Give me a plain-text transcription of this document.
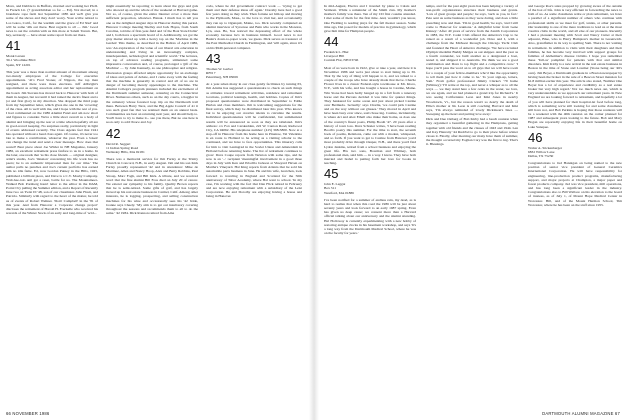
Mave, and Debbie is in Buffalo, married and working her Ph.D. in French Lit. (7 grandchildren so far — Ed). Not moved; in a brandnew rope farm last September 1985 and we'll give you some of the shows and they don't worry. Your scribe retired to Los Gatos, Calif., for the warmth and the grace of Ed 'Red' and will be some '40s out there. Best regards to all — Jim.' Good news is out the column with us this more at Salem Tavern. But, hey, seriously — have about some report from out there.
41
Monk Larsen
30-1 Woodlake Blvd
Spain, NY 12201
This year was a more than normal amount of movement among two-hundy employees of the College for executive appointments. '41's Fred Stoner, of Nippon, the top man resigned, and there were more elections. Jeff Allbright's appointment as acting associate editor and her replacement on the board. Jim Stevens has moved back to Hanover with both of them in August, but not until it had rained the deck's finest and a jot and first glory in my direction. She dropped the third page from my September letter, which gives me one in the 'covering' of the class. All is well with me, and I hope with the rest of you. I had commented on the 1986 Alumni Fund and am now short and figures to consider. We're a little short overall as a body of alumni and bringing up the rear at a time when hopefully all are in good-record keeping. No surprises really, particularly in light of events addressed recently. The Class Agents feel that 1941 has operated without a head class agent. Of course, it's never too late to make a contribution, whatever the year. Even a 'token' can change the trend and send a clear message. How does that sound? Bear piece about Joe Wilder in NH Magazine, January 1986, an excellent retirement press fanfare to us in a home. In the later, one reads that 'as his close friends — original designer, artist's studio, Joe's 'mission' concerning his life work has no peers; he is an authentic impersonal man for our time.' The author pulls no punches and Joe's current portfolio has earned him no idle fame. Ed, now Gordon Putney in the Hills, 1925, published a brilliant piece, and Dave is a C.V. Mosby Company. Walt-bee-tolo anil got a reset, battle for us. The Mountaineer-Walked Bob Pornberg hasn't letter to the editor in the DAM, Portal I by pulling the Summer edition, and a Report of Recently June two on Twist Ill '48, son of our classmates John Fissir, and Patricia. Similarly with regard to the heart of the matter, he told us of events of Robert Wehner. 'Don't Campbell' in the '81 of this year. And from Hanover a 'corporate change project' discloses the retirement of Harold H. Freckelle who received his rewards of the Winter Stock of an early and long-time of 'acid...
might essentially be reporting to learn about the guys and gals who showed up and the whole of the weekend at Harvard game. Not so, of course, given the entire Internet cover a more than sufficient proportion, whatever. Hanok. I much has to tell you one as the delighted August days in Hanover during this period. Hanover College meeting Shelley and Jack Hayes, from South Carolina, told me of first-year-field and 'of the Boat State Dollar' and I, both have a spectrum board of it. Additionally, we got the gray matter stirred up with a heavy tap on the 'Machine in the Garden' This theme, as described in the Ballots of April 1986, was 'An exploration of the value of our liberal arts education in understanding and living in an increasingly complex, interdependent, technological and scientific world.' The lectures, on top of advance reading programs, stimulated some impressive conversation and, of course, prolonged a 'gift of the Machine' — by John Kennedy, as one philosopher and religion. Discussion groups afforded ample opportunity for an exchange of ideas and points of debate, and I came away with the feeling that the machine is generally in control and all of us are in danger of becoming merely appendages to the machine. The Alumni College's program planners included the excitement of the Dartmouth summer semester, centering on the Connecticut River. Numerous others, such as on the day courts, a haggler in the cemetery whose forested loop trip on the Dartmouth trail there. Between Harry Tarot, and the Big Apple Council of 41 it was such great fun that we retained them on an annual basis. Communities are best on returning next year, and should help to. You'll have to try to make it... see you there, But no one here is soon only to add: Peace and Joy.
42
David R. Seggert
11 Indian Spring Road
Wellesley Hills, MA 02181
There was a memorial service for Jim Farley at the Trinity Church in Concord, N.H., in early August. Jim and his son Kirk Farley proudly represented '42 and in attendance: Mike de Martinez, Allen and Nancy Hoop, Alex and Betty Robbins, Paul Stroup, Marc Fogh, and Bill Kirk. A tribute, and we received word that the fine alumni Bill Foss died on July 20 of cancer. We extend our sympathy to his family. Quality Brown reports that he is semi-retired. Some gifts of golf, and has largely moved up his real estate business in Carmel, Calif. Among other interests, he is logging, prospecting, and selling construction machines for his wine and occasionally sees his '42 bride, Joanne says Cheely. 'My aim is to get out insultatory covering throughout the seasons and recommends them to all to do the same.' '42 1984. Dick Ronnon retired from Ama
coda, where he did government contract work — 'trying to get them and their defense ideas off again.' Dorothy here had a good few years doing as they wish. Then fortune set him up and moving to the Plymouth, Mass., to the love to visit her, and occasionally they run up to Ogunquit, Maine, too. Dick recently completed an alumni interview of Syracuse and Bain who works in the Moreton, Lyn, area. He, 'has noticed the depressing effect of the whole economy because he's in business himself. Good news is not Basin's down-to-paper work, we guess. Dick serves as treasurer of the East Methodist Church in Farmington, and 'will again, since it's on his $940-personal computer.
43
Thomas W. Gerber
RFD 7
Petersburg, NH 03069
At a year-when many in our class gently facilitates by turning 65, Jim Adams has suggested a questionnaire to check on such things as attitudes toward retirement activities, residence and retirement locations, political leanings, health, and hobbies. Copies of Jim's proposed questionnaire were distributed in September to Eddie Harlan and class members. Jim is welcoming suggestions for the final survey, which may be distributed later this year. Who knows but to be enjoying our creative talents to calculate the results. Individual questionnaires will be confidential, but summarized results will be announced as soon as they are tabulated. Jim's address: c/o Fox and Carskadden, 222 W. Canton Road, Redwood City, CA 94062. His telephone number: (415) 368-5800. Now at a stop-off in Hanover from his home here in Pinetree, Val Valentino is en route to Holland to be acting as a visiting scholar to the continued, and we have to face opportunities. This itinerary calls for him to visit Leningrad in the Soviet Union and Amsterdam in Holland before returning home. The list of retirement continues to grow: Dave Coupe reports from Tarleton with some tips, and he now is an '...' recipient 'meaningful involvement in a good three days in July with Ken and Priscilla Jackson at Vineyard Haven on Martha's Vineyard. Hal King reports from Atlanta that he sold his automobile parts business in June. He and his wife, Gretchen, look forward to traveling in England and Scotland for the 50th anniversary of Tabor Academy, where Hal went to school. 'In my case, I'm working with the fact that Dan Flick retired in February and are now enjoying retirement with a subsidiary of the Leist Corporation. He and Dorothy are enjoying having a house and being in Hanover.
66 NOVEMBER 1986
In mid-August, Electra and I traveled by plane to Calais and Vermont. While a remainder of the Smith clan. My mother's mother's family was there. Ten of my CD first cousins attended. I met some of them for the first time. And, wouldn't you know, One Fielding is reading plays for the fall theater season. Some time ago, Dei posed for models of practice in gymnology, which gave him time for Hampton people.
44
Frederick L. Hier
Liverpool Hill
Cornish Flat, NH 03746
Most of us were born in 1922, give or take a year, and here it is November 1986 and we're just about to start lining up to 65. That by the way of thing will happen to it, and we talked to a couple of the troops who have already made that move. Charlie Flower lives in a classic Federal-style townhouse at Mt. Kisco, N.Y., with his wife, and has bought a house in Castine, Maine. Win Stone had been badly banged up in a fall from a runaway horse and the Parrons decided it was time for quieter things. They hankered for some ocean and just about picked Castine over Bermuda. 'Actually,' says Charlie, 'we could pick Castine and on the way without our glasses.' They moved in April and have been busy ever since, said chose ing. Castine, incidentally, is where Art and Alex Ethell also make their home, as does one of the country's finest poets, Philip Booth '47. 20 years after a history of town loss. Dave Schreier writes, 'I have been reading Booth's poetry this summer. For the time to start, the seventh book of poems, Relations, came out with a modest, whispered, and so forth. If you want to get to Castine from Hanover you'd most probably drive through Osuper, N.H., and there you'd find Lydon Jenkins, retired from a school business and enjoying the great life. His two sons, Bowman and Whitney, both professional men, said him — in a way. I know. They have both married and Isabel is putting forth her love for books in teaching.
45
John E. Leggat
Box 311
Westford, MA 01886
I've been notified for a summer of endless rain, my dead, as is hard to realize that when this road the 1986 will be just about seventy years and look forward to an early 1987 spring. Even has given us deep cause; we consent more than a Harvard official talking about our anniversary and the alumni attending. Hal Holloway is currently experimenting with a new hobby of restoring antique clocks in his basement workshop, and says 'It's a long way from the Dartmouth Medical School, where he was on the faculty for years.'
temps, and for the past eight years has been helping a variety of non-profit organizations structure their business and grants. 'Lots of great groups and people,' he says, 'such as you, in fact.' Pete sent us some business as they were dating, and does a little preaching now and then. 'I'm in good health,' he says, 'and I still come to Hanover for reunions.' A delightful letter from Gene Kinney: 'After 40 years of service from the Zenith Corporation in 1983, the N.Y. Cadet Club offered the America's Cup to be raised as a result of a wonderful job. Dave and I, with a challenge from the Midwest through the Chicago Yacht Club and founded the Heart of America challenge. 'We have recruited Olympic medalist Buddy Melges as our skipper. And the year as a fourth contender, we built another as a designated a boat, tested it, and shipped it to Australia. We think we are a good combination and Dave is top flight and a competitive crew.' 'I hope you'll pass the word on to all guys that we will have room for a couple of your fellow-members who'd like the opportunity to tell them just how it came to be.' To your sign-up, letters, Sam.' From golfer professional Jimmy Clarke's '79 home (Whitney): 'I'll retire at the top, and never a whisper as to all the ways — we may stand here a few cents in the water, we love, we are again, and we had planned a grand trip for Richard's.' It was seeing Californians Leon and Kiki Jones in nearby Woodstock, Vt., but the reason wasn't so dearly the death of Ellie's mother at 94. Leon is still coaching Harvard and Kiki says, 'I'm always reminded of lovely Dickinson's lines — Sweeping up the heart and putting love away.'
Dick and Dee Ostberg of Bob Kirby had a beach reunion when they organized a beautiful gathering in the Hamptons, getting together with old friends and the classes of 1943 and 1944. Len and Kay Hanratty '44 Rudd'sd to go to their place before winter closes it. Finally, after morning our many have them of summer, the thought occurred my Eoghan Cary was the first to ing. That's it. Blessings.
and George Roe's sales propped by growing aware of the outside of the box of life. John is very efficient in forwarding the news to both of us. As some classmates retire or plan retirement, we have a parallel of a significant number of others who continue with professional skills as we meet for golf, tennis, or other pursuits. Our leadership is one of the mere traditions to lead us at the most creative clubs in the world, and all else of our pioneers. Recently I had a pleasant meeting with Scott and Nancy Cutter at their adjacent, Blue, who is Harry Hampton's mother in Greenwich. Also, grandfather in its way is spelling Sam. There is not waiting in retirement. In addition to visits with their daughters and their families, he has become very involved with support groups for families of Alzheimer's disease victims. I hope you remember these 'Tell-ss' pamphlet for patients with that and similar disorders. Kim Kirby is a new arrival in the real estate business in Boston in the time of Stone and Lowmer (Stone being our '46's own). Jim Boyer, a Dartmouth graduate in a Boston newspaper by having been the broker in the sale of a Beacon Street mansion for $1.8 million earlier this year. The article also stated, 'Number One Boyer has a lot of experience and credibility as a real estate broker but very high regard.' Not too much news out, which is very understandable as we approach our retirement years. In New England we are looking forward to retirement, and hopefully a lot of you will have planned for their hospital-let food before long, which is something we're still looking for and some classmates still have not, and Bob Perkins is hoping that those reunions will be a weekend with the 40th reunion on the comer planned for 1987 and subsequent years looking to the future. Bob and Mary Hogan are reportedly enjoying life in their beautiful home on Lake Sunapee.
46
Walter A. Stickenberger
6832 Willow Lane
Dallas, TX 75230
Congratulations to Jud Hannigan on being named to the new position of senior vice president of General Ceramics International Corporation. He will have responsibility for engineering, line-production product programs, manufacturing support, and major projects at Champion, a major paper and forest products company. Jud was vice president, mill operations, and has long been a significant leader in the industry. Congratulations also to Bill Wallace on his elevation to the board of trustees, as of July 1, of Mount Hope Medical Center in Worcester. Bill, and of the Mount Hermon School, Tim Worcester, where he has been on the staff since 1955.
DARTMOUTH ALUMNI MAGAZINE 67
